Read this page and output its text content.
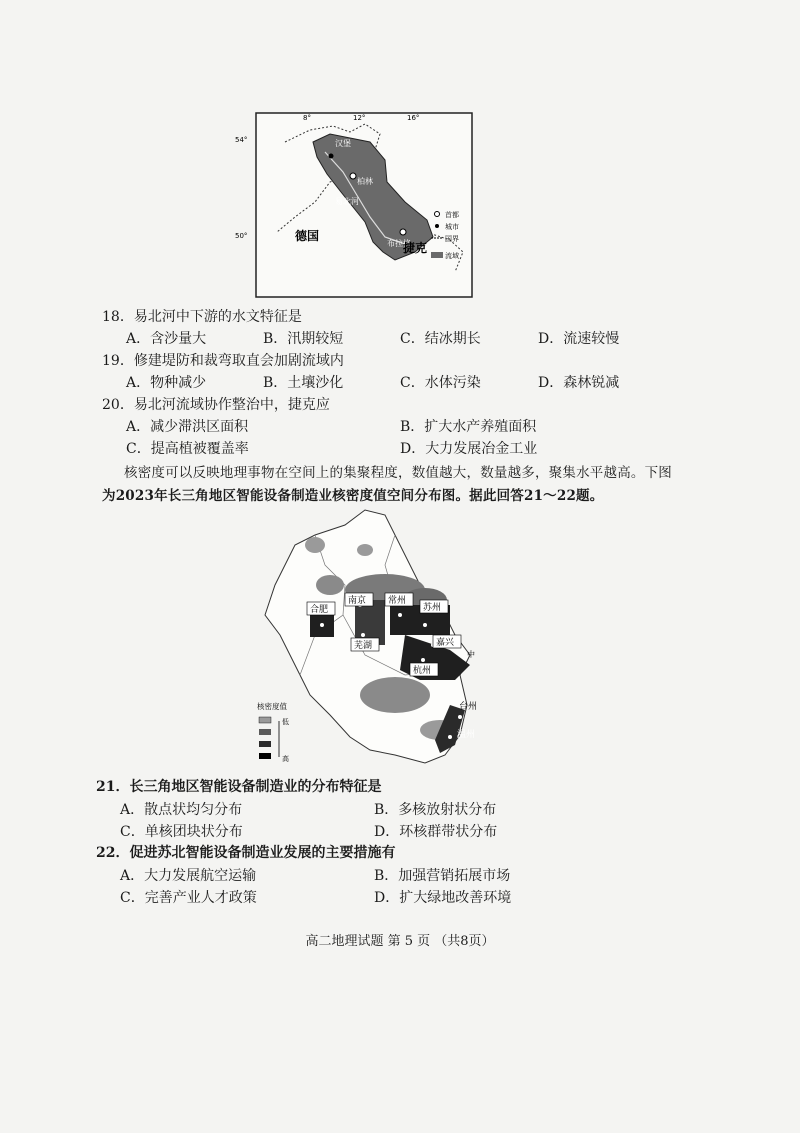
8°	12°	16°
54°
50°
汉堡
柏林
布拉格
易北河
德国
捷克
首都
城市
国界
流域
18．易北河中下游的水文特征是
A．含沙量大	B．汛期较短	C．结冰期长	D．流速较慢
19．修建堤防和裁弯取直会加剧流域内
A．物种减少	B．土壤沙化	C．水体污染	D．森林锐减
20．易北河流域协作整治中，捷克应
A．减少滞洪区面积	B．扩大水产养殖面积
C．提高植被覆盖率	D．大力发展冶金工业
核密度可以反映地理事物在空间上的集聚程度，数值越大，数量越多，聚集水平越高。下图
为2023年长三角地区智能设备制造业核密度值空间分布图。据此回答21～22题。
合肥
南京 常州
苏州
芜湖	嘉兴
杭州
台州
温州
中
核密度值
低
高
21．长三角地区智能设备制造业的分布特征是
A．散点状均匀分布	B．多核放射状分布
C．单核团块状分布	D．环核群带状分布
22．促进苏北智能设备制造业发展的主要措施有
A．大力发展航空运输	B．加强营销拓展市场
C．完善产业人才政策	D．扩大绿地改善环境
高二地理试题 第 5 页 （共8页）
